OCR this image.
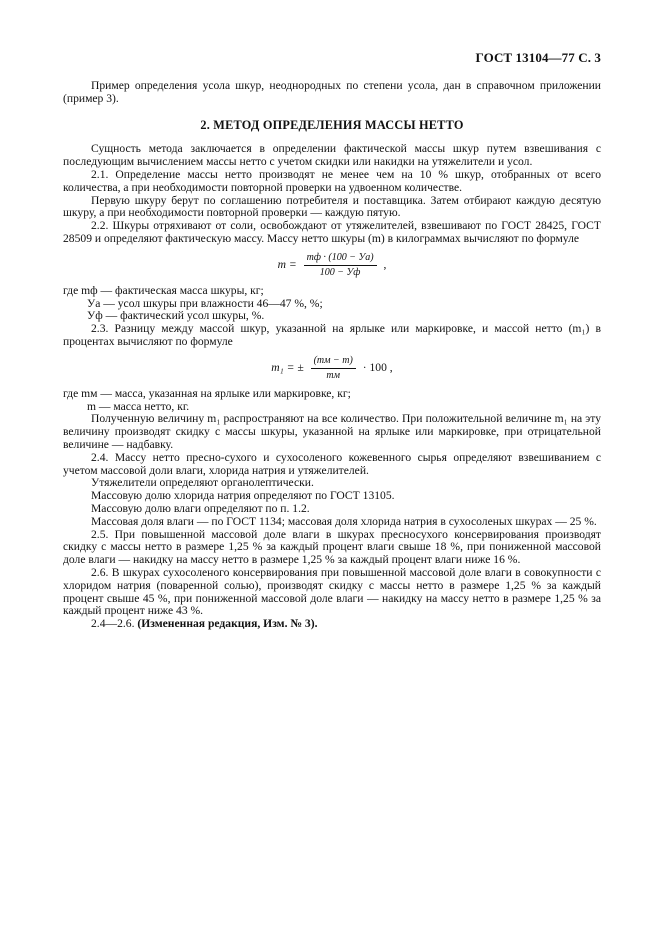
ГОСТ 13104—77 С. 3

Пример определения усола шкур, неоднородных по степени усола, дан в справочном приложении (пример 3).

2. МЕТОД ОПРЕДЕЛЕНИЯ МАССЫ НЕТТО

Сущность метода заключается в определении фактической массы шкур путем взвешивания с последующим вычислением массы нетто с учетом скидки или накидки на утяжелители и усол.

2.1. Определение массы нетто производят не менее чем на 10 % шкур, отобранных от всего количества, а при необходимости повторной проверки на удвоенном количестве.

Первую шкуру берут по соглашению потребителя и поставщика. Затем отбирают каждую десятую шкуру, а при необходимости повторной проверки — каждую пятую.

2.2. Шкуры отряхивают от соли, освобождают от утяжелителей, взвешивают по ГОСТ 28425, ГОСТ 28509 и определяют фактическую массу. Массу нетто шкуры (m) в килограммах вычисляют по формуле

$m = \frac{mф \cdot (100 - Уа)}{100 - Уф}$ ,

где mф — фактическая масса шкуры, кг;

Уа — усол шкуры при влажности 46—47 %, %;

Уф — фактический усол шкуры, %.

2.3. Разницу между массой шкур, указанной на ярлыке или маркировке, и массой нетто (m₁) в процентах вычисляют по формуле

m₁ = ± $\frac{(mм - m)}{mм} \cdot 100$ ,

где mм — масса, указанная на ярлыке или маркировке, кг;

m — масса нетто, кг.

Полученную величину m₁ распространяют на все количество. При положительной величине m₁ на эту величину производят скидку с массы шкуры, указанной на ярлыке или маркировке, при отрицательной величине — надбавку.

2.4. Массу нетто пресно-сухого и сухосоленого кожевенного сырья определяют взвешиванием с учетом массовой доли влаги, хлорида натрия и утяжелителей.

Утяжелители определяют органолептически.

Массовую долю хлорида натрия определяют по ГОСТ 13105.

Массовую долю влаги определяют по п. 1.2.

Массовая доля влаги — по ГОСТ 1134; массовая доля хлорида натрия в сухосоленых шкурах — 25 %.

2.5. При повышенной массовой доле влаги в шкурах пресносухого консервирования производят скидку с массы нетто в размере 1,25 % за каждый процент влаги свыше 18 %, при пониженной массовой доле влаги — накидку на массу нетто в размере 1,25 % за каждый процент влаги ниже 16 %.

2.6. В шкурах сухосоленого консервирования при повышенной массовой доле влаги в совокупности с хлоридом натрия (поваренной солью), производят скидку с массы нетто в размере 1,25 % за каждый процент свыше 45 %, при пониженной массовой доле влаги — накидку на массу нетто в размере 1,25 % за каждый процент ниже 43 %.

2.4—2.6. (Измененная редакция, Изм. № 3).
